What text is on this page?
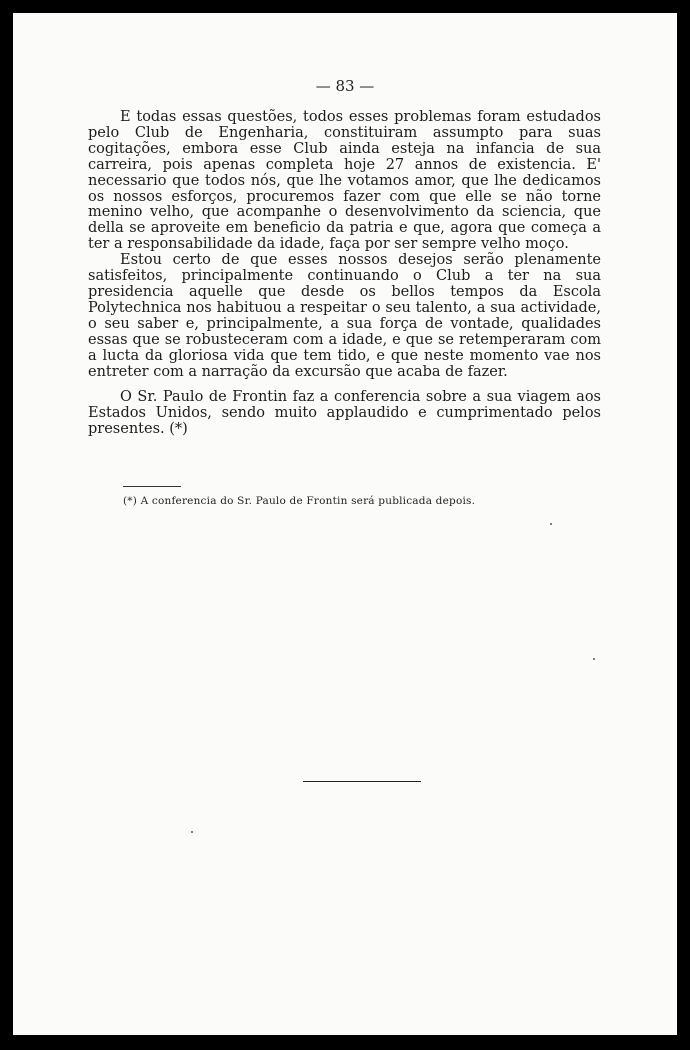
— 83 —

E todas essas questões, todos esses problemas foram estudados pelo Club de Engenharia, constituiram assumpto para suas cogitações, embora esse Club ainda esteja na infancia de sua carreira, pois apenas completa hoje 27 annos de existencia. E' necessario que todos nós, que lhe votamos amor, que lhe dedicamos os nossos esforços, procuremos fazer com que elle se não torne menino velho, que acompanhe o desenvolvimento da sciencia, que della se aproveite em beneficio da patria e que, agora que começa a ter a responsabilidade da idade, faça por ser sempre velho moço.

Estou certo de que esses nossos desejos serão plenamente satisfeitos, principalmente continuando o Club a ter na sua presidencia aquelle que desde os bellos tempos da Escola Polytechnica nos habituou a respeitar o seu talento, a sua actividade, o seu saber e, principalmente, a sua força de vontade, qualidades essas que se robusteceram com a idade, e que se retemperaram com a lucta da gloriosa vida que tem tido, e que neste momento vae nos entreter com a narração da excursão que acaba de fazer.

O Sr. Paulo de Frontin faz a conferencia sobre a sua viagem aos Estados Unidos, sendo muito applaudido e cumprimentado pelos presentes. (*)

(*) A conferencia do Sr. Paulo de Frontin será publicada depois.
